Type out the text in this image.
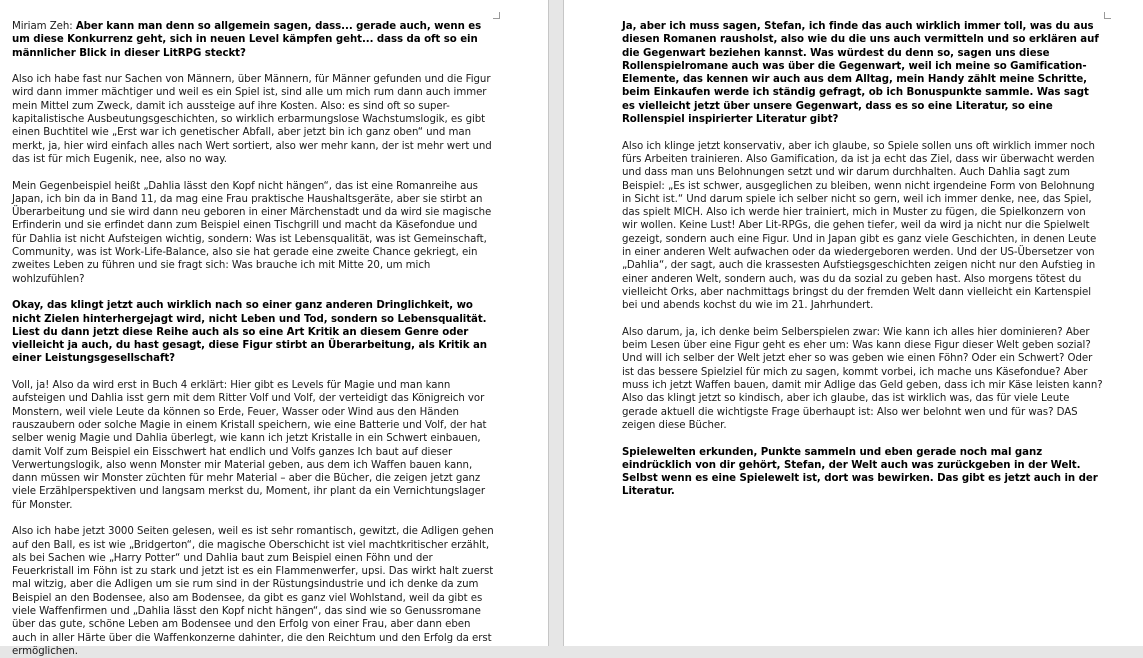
Miriam Zeh: Aber kann man denn so allgemein sagen, dass... gerade auch, wenn es um diese Konkurrenz geht, sich in neuen Level kämpfen geht... dass da oft so ein männlicher Blick in dieser LitRPG steckt?

Also ich habe fast nur Sachen von Männern, über Männern, für Männer gefunden und die Figur wird dann immer mächtiger und weil es ein Spiel ist, sind alle um mich rum dann auch immer mein Mittel zum Zweck, damit ich aussteige auf ihre Kosten. Also: es sind oft so super-kapitalistische Ausbeutungsgeschichten, so wirklich erbarmungslose Wachstumslogik, es gibt einen Buchtitel wie „Erst war ich genetischer Abfall, aber jetzt bin ich ganz oben“ und man merkt, ja, hier wird einfach alles nach Wert sortiert, also wer mehr kann, der ist mehr wert und das ist für mich Eugenik, nee, also no way.

Mein Gegenbeispiel heißt „Dahlia lässt den Kopf nicht hängen“, das ist eine Romanreihe aus Japan, ich bin da in Band 11, da mag eine Frau praktische Haushaltsgeräte, aber sie stirbt an Überarbeitung und sie wird dann neu geboren in einer Märchenstadt und da wird sie magische Erfinderin und sie erfindet dann zum Beispiel einen Tischgrill und macht da Käsefondue und für Dahlia ist nicht Aufsteigen wichtig, sondern: Was ist Lebensqualität, was ist Gemeinschaft, Community, was ist Work-Life-Balance, also sie hat gerade eine zweite Chance gekriegt, ein zweites Leben zu führen und sie fragt sich: Was brauche ich mit Mitte 20, um mich wohlzufühlen?

Okay, das klingt jetzt auch wirklich nach so einer ganz anderen Dringlichkeit, wo nicht Zielen hinterhergejagt wird, nicht Leben und Tod, sondern so Lebensqualität. Liest du dann jetzt diese Reihe auch als so eine Art Kritik an diesem Genre oder vielleicht ja auch, du hast gesagt, diese Figur stirbt an Überarbeitung, als Kritik an einer Leistungsgesellschaft?

Voll, ja! Also da wird erst in Buch 4 erklärt: Hier gibt es Levels für Magie und man kann aufsteigen und Dahlia isst gern mit dem Ritter Volf und Volf, der verteidigt das Königreich vor Monstern, weil viele Leute da können so Erde, Feuer, Wasser oder Wind aus den Händen rauszaubern oder solche Magie in einem Kristall speichern, wie eine Batterie und Volf, der hat selber wenig Magie und Dahlia überlegt, wie kann ich jetzt Kristalle in ein Schwert einbauen, damit Volf zum Beispiel ein Eisschwert hat endlich und Volfs ganzes Ich baut auf dieser Verwertungslogik, also wenn Monster mir Material geben, aus dem ich Waffen bauen kann, dann müssen wir Monster züchten für mehr Material – aber die Bücher, die zeigen jetzt ganz viele Erzählperspektiven und langsam merkst du, Moment, ihr plant da ein Vernichtungslager für Monster.

Also ich habe jetzt 3000 Seiten gelesen, weil es ist sehr romantisch, gewitzt, die Adligen gehen auf den Ball, es ist wie „Bridgerton“, die magische Oberschicht ist viel machtkritischer erzählt, als bei Sachen wie „Harry Potter“ und Dahlia baut zum Beispiel einen Föhn und der Feuerkristall im Föhn ist zu stark und jetzt ist es ein Flammenwerfer, upsi. Das wirkt halt zuerst mal witzig, aber die Adligen um sie rum sind in der Rüstungsindustrie und ich denke da zum Beispiel an den Bodensee, also am Bodensee, da gibt es ganz viel Wohlstand, weil da gibt es viele Waffenfirmen und „Dahlia lässt den Kopf nicht hängen“, das sind wie so Genussromane über das gute, schöne Leben am Bodensee und den Erfolg von einer Frau, aber dann eben auch in aller Härte über die Waffenkonzerne dahinter, die den Reichtum und den Erfolg da erst ermöglichen.

Ja, aber ich muss sagen, Stefan, ich finde das auch wirklich immer toll, was du aus diesen Romanen rausholst, also wie du die uns auch vermitteln und so erklären auf die Gegenwart beziehen kannst. Was würdest du denn so, sagen uns diese Rollenspielromane auch was über die Gegenwart, weil ich meine so Gamification-Elemente, das kennen wir auch aus dem Alltag, mein Handy zählt meine Schritte, beim Einkaufen werde ich ständig gefragt, ob ich Bonuspunkte sammle. Was sagt es vielleicht jetzt über unsere Gegenwart, dass es so eine Literatur, so eine Rollenspiel inspirierter Literatur gibt?

Also ich klinge jetzt konservativ, aber ich glaube, so Spiele sollen uns oft wirklich immer noch fürs Arbeiten trainieren. Also Gamification, da ist ja echt das Ziel, dass wir überwacht werden und dass man uns Belohnungen setzt und wir darum durchhalten. Auch Dahlia sagt zum Beispiel: „Es ist schwer, ausgeglichen zu bleiben, wenn nicht irgendeine Form von Belohnung in Sicht ist.“ Und darum spiele ich selber nicht so gern, weil ich immer denke, nee, das Spiel, das spielt MICH. Also ich werde hier trainiert, mich in Muster zu fügen, die Spielkonzern von wir wollen. Keine Lust! Aber Lit-RPGs, die gehen tiefer, weil da wird ja nicht nur die Spielwelt gezeigt, sondern auch eine Figur. Und in Japan gibt es ganz viele Geschichten, in denen Leute in einer anderen Welt aufwachen oder da wiedergeboren werden. Und der US-Übersetzer von „Dahlia“, der sagt, auch die krassesten Aufstiegsgeschichten zeigen nicht nur den Aufstieg in einer anderen Welt, sondern auch, was du da sozial zu geben hast. Also morgens tötest du vielleicht Orks, aber nachmittags bringst du der fremden Welt dann vielleicht ein Kartenspiel bei und abends kochst du wie im 21. Jahrhundert.

Also darum, ja, ich denke beim Selberspielen zwar: Wie kann ich alles hier dominieren? Aber beim Lesen über eine Figur geht es eher um: Was kann diese Figur dieser Welt geben sozial? Und will ich selber der Welt jetzt eher so was geben wie einen Föhn? Oder ein Schwert? Oder ist das bessere Spielziel für mich zu sagen, kommt vorbei, ich mache uns Käsefondue? Aber muss ich jetzt Waffen bauen, damit mir Adlige das Geld geben, dass ich mir Käse leisten kann? Also das klingt jetzt so kindisch, aber ich glaube, das ist wirklich was, das für viele Leute gerade aktuell die wichtigste Frage überhaupt ist: Also wer belohnt wen und für was? DAS zeigen diese Bücher.

Spielewelten erkunden, Punkte sammeln und eben gerade noch mal ganz eindrücklich von dir gehört, Stefan, der Welt auch was zurückgeben in der Welt. Selbst wenn es eine Spielewelt ist, dort was bewirken. Das gibt es jetzt auch in der Literatur.
